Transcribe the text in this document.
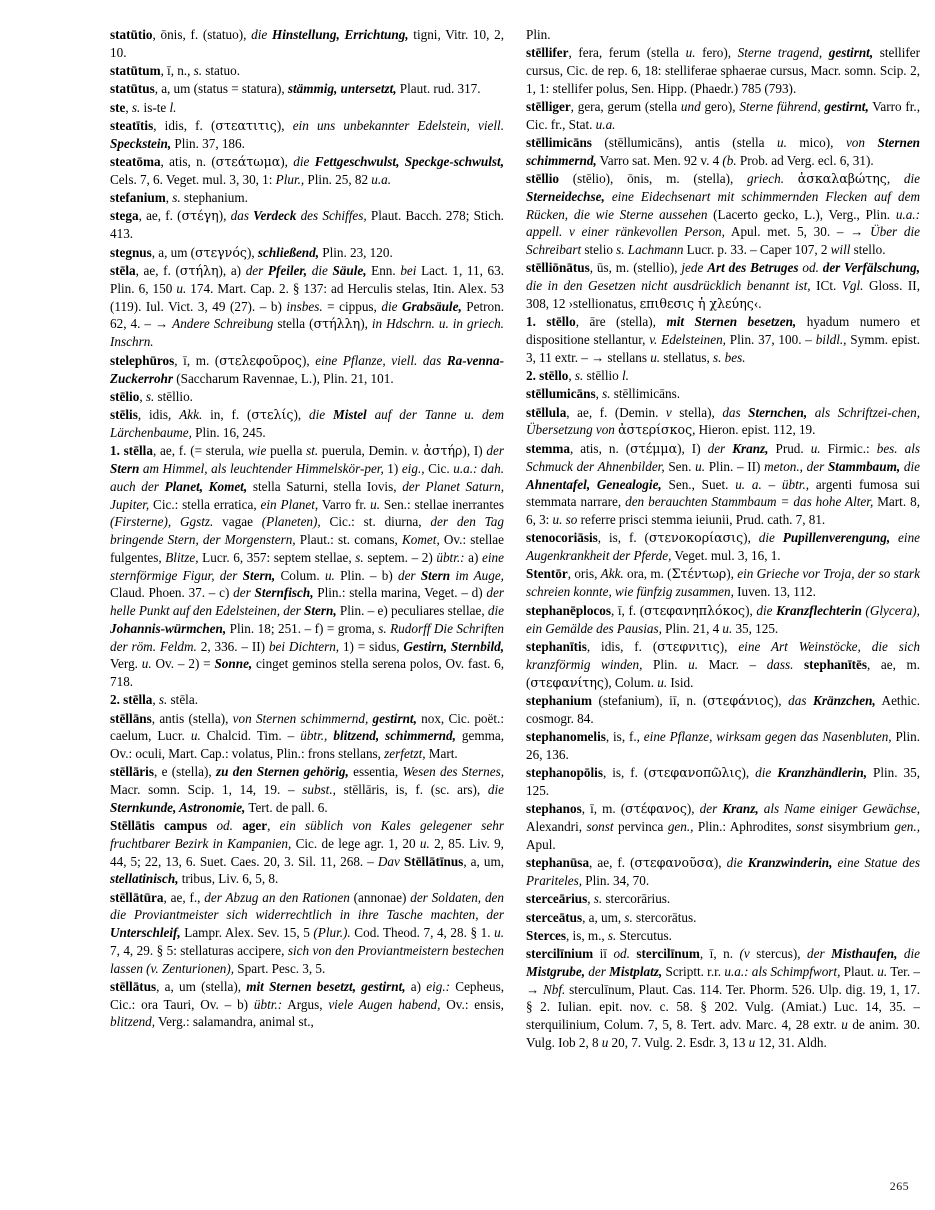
statūtio, ōnis, f. (statuo), die Hinstellung, Errichtung, tigni, Vitr. 10, 2, 10.

statūtum, ī, n., s. statuo.

statūtus, a, um (status = statura), stämmig, untersetzt, Plaut. rud. 317.

ste, s. is-te l.

steatītis, idis, f. (στεατιτις), ein uns unbekannter Edelstein, viell. Speckstein, Plin. 37, 186.

steatōma, atis, n. (στεάτωμα), die Fettgeschwulst, Speckge-schwulst, Cels. 7, 6. Veget. mul. 3, 30, 1: Plur., Plin. 25, 82 u.a.

stefanium, s. stephanium.

stega, ae, f. (στέγη), das Verdeck des Schiffes, Plaut. Bacch. 278; Stich. 413.

stegnus, a, um (στεγνός), schließend, Plin. 23, 120.

stēla, ae, f. (στήλη), a) der Pfeiler, die Säule, Enn. bei Lact. 1, 11, 63. Plin. 6, 150 u. 174. Mart. Cap. 2. § 137: ad Herculis stelas, Itin. Alex. 53 (119). Iul. Vict. 3, 49 (27). – b) insbes. = cippus, die Grabsäule, Petron. 62, 4. – → Andere Schreibung stella (στήλλη), in Hdschrn. u. in griech. Inschrn.

stelephūros, ī, m. (στελεφοῦρος), eine Pflanze, viell. das Ra-venna- Zuckerrohr (Saccharum Ravennae, L.), Plin. 21, 101.

stēlio, s. stēllio.

stēlis, idis, Akk. in, f. (στελίς), die Mistel auf der Tanne u. dem Lärchenbaume, Plin. 16, 245.

1. stēlla, ae, f. (= sterula, wie puella st. puerula, Demin. v. ἀστήρ), I) der Stern am Himmel, als leuchtender Himmelskör-per, 1) eig., Cic. u.a.: dah. auch der Planet, Komet, stella Saturni, stella Iovis, der Planet Saturn, Jupiter, Cic.: stella erratica, ein Planet, Varro fr. u. Sen.: stellae inerrantes (Firsterne), Ggstz. vagae (Planeten), Cic.: st. diurna, der den Tag bringende Stern, der Morgenstern, Plaut.: st. comans, Komet, Ov.: stellae fulgentes, Blitze, Lucr. 6, 357: septem stellae, s. septem. – 2) übtr.: a) eine sternförmige Figur, der Stern, Colum. u. Plin. – b) der Stern im Auge, Claud. Phoen. 37. – c) der Sternfisch, Plin.: stella marina, Veget. – d) der helle Punkt auf den Edelsteinen, der Stern, Plin. – e) peculiares stellae, die Johannis-würmchen, Plin. 18; 251. – f) = groma, s. Rudorff Die Schriften der röm. Feldm. 2, 336. – II) bei Dichtern, 1) = sidus, Gestirn, Sternbild, Verg. u. Ov. – 2) = Sonne, cinget geminos stella serena polos, Ov. fast. 6, 718.

2. stēlla, s. stēla.

stēllāns, antis (stella), von Sternen schimmernd, gestirnt, nox, Cic. poët.: caelum, Lucr. u. Chalcid. Tim. – übtr., blitzend, schimmernd, gemma, Ov.: oculi, Mart. Cap.: volatus, Plin.: frons stellans, zerfetzt, Mart.

stēllāris, e (stella), zu den Sternen gehörig, essentia, Wesen des Sternes, Macr. somn. Scip. 1, 14, 19. – subst., stēllāris, is, f. (sc. ars), die Sternkunde, Astronomie, Tert. de pall. 6.

Stēllātis campus od. ager, ein süblich von Kales gelegener sehr fruchtbarer Bezirk in Kampanien, Cic. de lege agr. 1, 20 u. 2, 85. Liv. 9, 44, 5; 22, 13, 6. Suet. Caes. 20, 3. Sil. 11, 268. – Dav Stēllātīnus, a, um, stellatinisch, tribus, Liv. 6, 5, 8.

stēllātūra, ae, f., der Abzug an den Rationen (annonae) der Soldaten, den die Proviantmeister sich widerrechtlich in ihre Tasche machten, der Unterschleif, Lampr. Alex. Sev. 15, 5 (Plur.). Cod. Theod. 7, 4, 28. § 1. u. 7, 4, 29. § 5: stellaturas accipere, sich von den Proviantmeistern bestechen lassen (v. Zenturionen), Spart. Pesc. 3, 5.

stēllātus, a, um (stella), mit Sternen besetzt, gestirnt, a) eig.: Cepheus, Cic.: ora Tauri, Ov. – b) übtr.: Argus, viele Augen habend, Ov.: ensis, blitzend, Verg.: salamandra, animal st.,

Plin.

stēllifer, fera, ferum (stella u. fero), Sterne tragend, gestirnt, stellifer cursus, Cic. de rep. 6, 18: stelliferae sphaerae cursus, Macr. somn. Scip. 2, 1, 1: stellifer polus, Sen. Hipp. (Phaedr.) 785 (793).

stēlliger, gera, gerum (stella und gero), Sterne führend, gestirnt, Varro fr., Cic. fr., Stat. u.a.

stēllimicāns (stēllumicāns), antis (stella u. mico), von Sternen schimmernd, Varro sat. Men. 92 v. 4 (b. Prob. ad Verg. ecl. 6, 31).

stēllio (stēlio), ōnis, m. (stella), griech. ἀσκαλαβώτης, die Sterneidechse, eine Eidechsenart mit schimmernden Flecken auf dem Rücken, die wie Sterne aussehen (Lacerto gecko, L.), Verg., Plin. u.a.: appell. v einer ränkevollen Person, Apul. met. 5, 30. – → Über die Schreibart stelio s. Lachmann Lucr. p. 33. – Caper 107, 2 will stello.

stēlliōnātus, ūs, m. (stellio), jede Art des Betruges od. der Verfälschung, die in den Gesetzen nicht ausdrücklich benannt ist, ICt. Vgl. Gloss. II, 308, 12 ›stellionatus, επιθεσις ἡ χλεύης‹.

1. stēllo, āre (stella), mit Sternen besetzen, hyadum numero et dispositione stellantur, v. Edelsteinen, Plin. 37, 100. – bildl., Symm. epist. 3, 11 extr. – → stellans u. stellatus, s. bes.

2. stēllo, s. stēllio l.

stēllumicāns, s. stēllimicāns.

stēllula, ae, f. (Demin. v stella), das Sternchen, als Schriftzei-chen, Übersetzung von ἀστερίσκος, Hieron. epist. 112, 19.

stemma, atis, n. (στέμμα), I) der Kranz, Prud. u. Firmic.: bes. als Schmuck der Ahnenbilder, Sen. u. Plin. – II) meton., der Stammbaum, die Ahnentafel, Genealogie, Sen., Suet. u. a. – übtr., argenti fumosa sui stemmata narrare, den berauchten Stammbaum = das hohe Alter, Mart. 8, 6, 3: u. so referre prisci stemma ieiunii, Prud. cath. 7, 81.

stenocoriāsis, is, f. (στενοκορίασις), die Pupillenverengung, eine Augenkrankheit der Pferde, Veget. mul. 3, 16, 1.

Stentōr, oris, Akk. ora, m. (Στέντωρ), ein Grieche vor Troja, der so stark schreien konnte, wie fünfzig zusammen, Iuven. 13, 112.

stephanēplocos, ī, f. (στεφανηπλόκος), die Kranzflechterin (Glycera), ein Gemälde des Pausias, Plin. 21, 4 u. 35, 125.

stephanītis, idis, f. (στεφνιτις), eine Art Weinstöcke, die sich kranzförmig winden, Plin. u. Macr. – dass. stephanītēs, ae, m. (στεφανίτης), Colum. u. Isid.

stephanium (stefanium), iī, n. (στεφάνιος), das Kränzchen, Aethic. cosmogr. 84.

stephanomelis, is, f., eine Pflanze, wirksam gegen das Nasenbluten, Plin. 26, 136.

stephanopōlis, is, f. (στεφανοπῶλις), die Kranzhändlerin, Plin. 35, 125.

stephanos, ī, m. (στέφανος), der Kranz, als Name einiger Gewächse, Alexandri, sonst pervinca gen., Plin.: Aphrodites, sonst sisymbrium gen., Apul.

stephanūsa, ae, f. (στεφανοῦσα), die Kranzwinderin, eine Statue des Prariteles, Plin. 34, 70.

sterceārius, s. stercorārius.

sterceātus, a, um, s. stercorātus.

Sterces, is, m., s. Stercutus.

stercilīnium iī od. stercilīnum, ī, n. (v stercus), der Misthaufen, die Mistgrube, der Mistplatz, Scriptt. r.r. u.a.: als Schimpfwort, Plaut. u. Ter. – → Nbf. sterculīnum, Plaut. Cas. 114. Ter. Phorm. 526. Ulp. dig. 19, 1, 17. § 2. Iulian. epit. nov. c. 58. § 202. Vulg. (Amiat.) Luc. 14, 35. – sterquilinium, Colum. 7, 5, 8. Tert. adv. Marc. 4, 28 extr. u de anim. 30. Vulg. Iob 2, 8 u 20, 7. Vulg. 2. Esdr. 3, 13 u 12, 31. Aldh.

265
